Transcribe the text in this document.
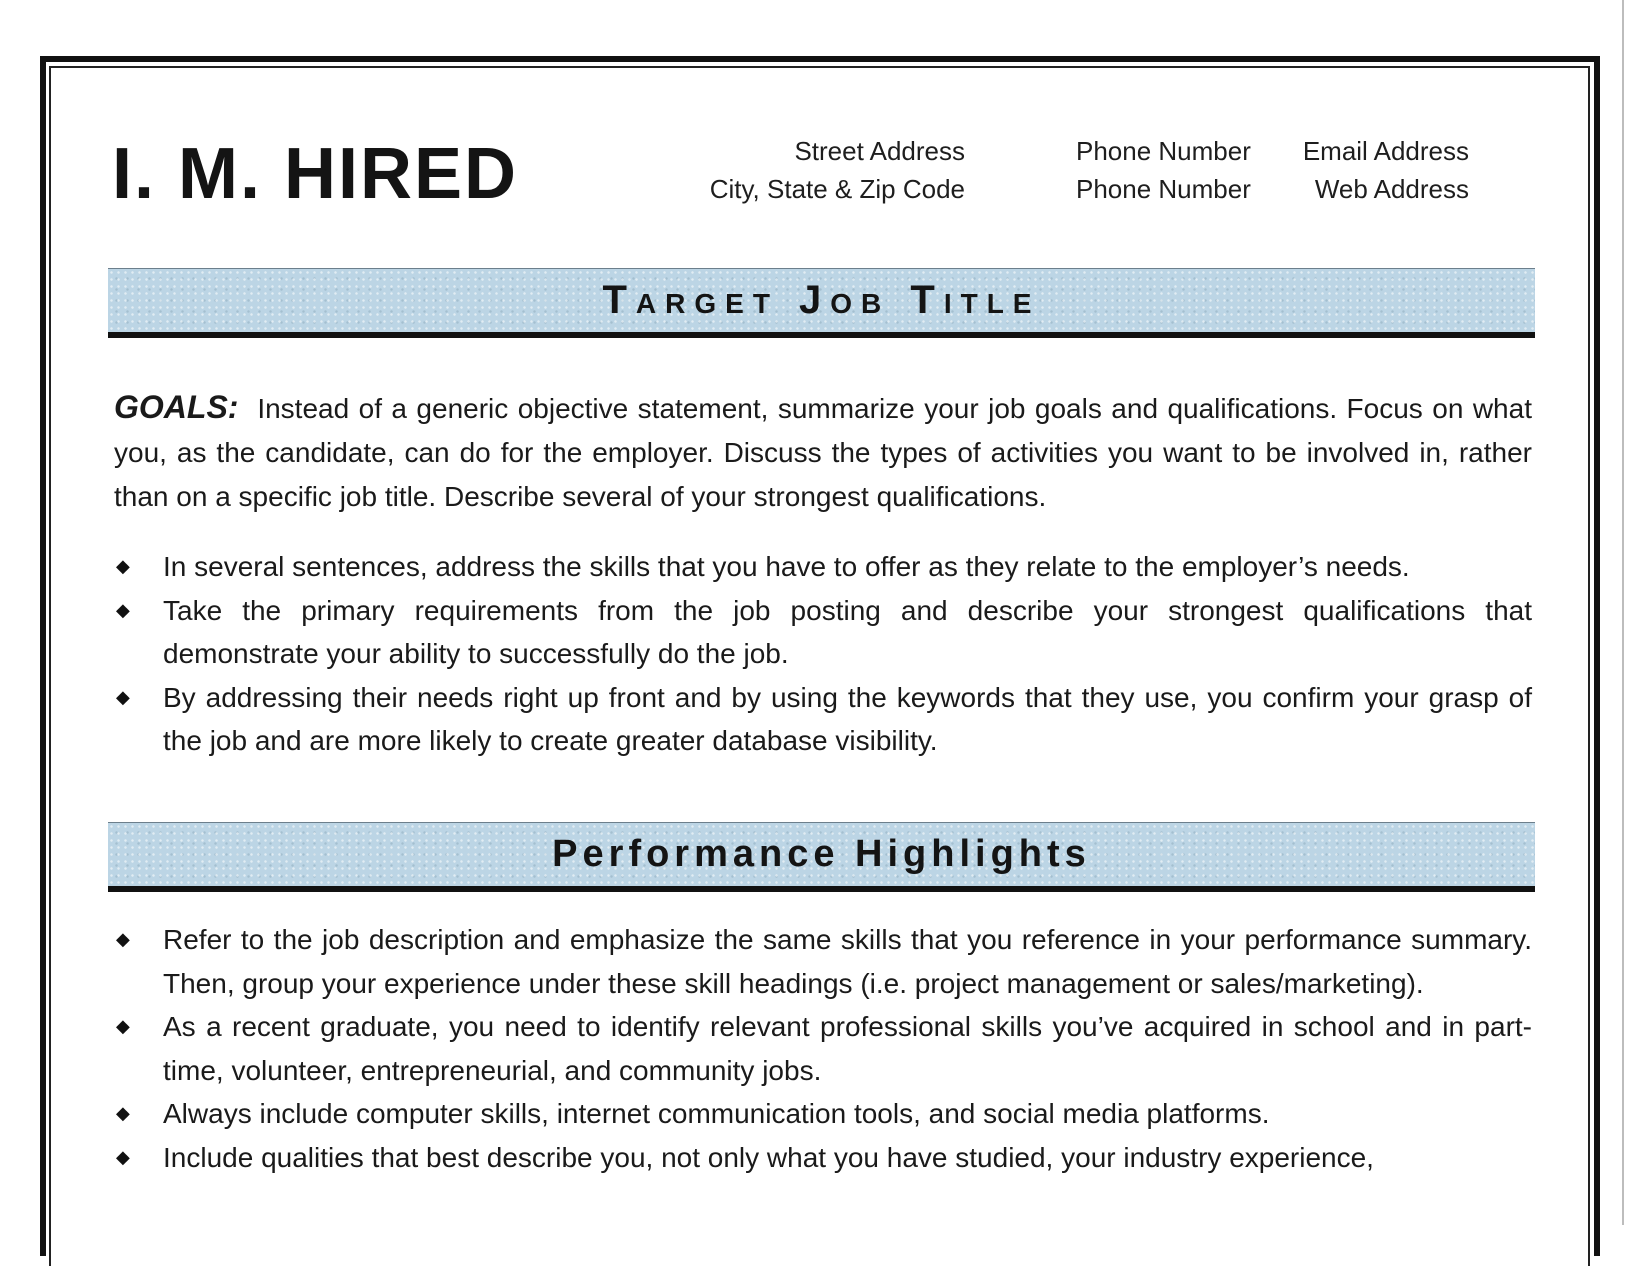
I. M. HIRED	Street Address
City, State & Zip Code
Phone Number
Phone Number
Email Address
Web Address
Target Job Title

GOALS: Instead of a generic objective statement, summarize your job goals and qualifications. Focus on what you, as the candidate, can do for the employer. Discuss the types of activities you want to be involved in, rather than on a specific job title. Describe several of your strongest qualifications.

◆ In several sentences, address the skills that you have to offer as they relate to the employer’s needs.
◆ Take the primary requirements from the job posting and describe your strongest qualifications that demonstrate your ability to successfully do the job.
◆ By addressing their needs right up front and by using the keywords that they use, you confirm your grasp of the job and are more likely to create greater database visibility.
Performance Highlights
◆ Refer to the job description and emphasize the same skills that you reference in your performance summary. Then, group your experience under these skill headings (i.e. project management or sales/marketing).
◆ As a recent graduate, you need to identify relevant professional skills you’ve acquired in school and in part-time, volunteer, entrepreneurial, and community jobs.
◆ Always include computer skills, internet communication tools, and social media platforms.
◆ Include qualities that best describe you, not only what you have studied, your industry experience,
